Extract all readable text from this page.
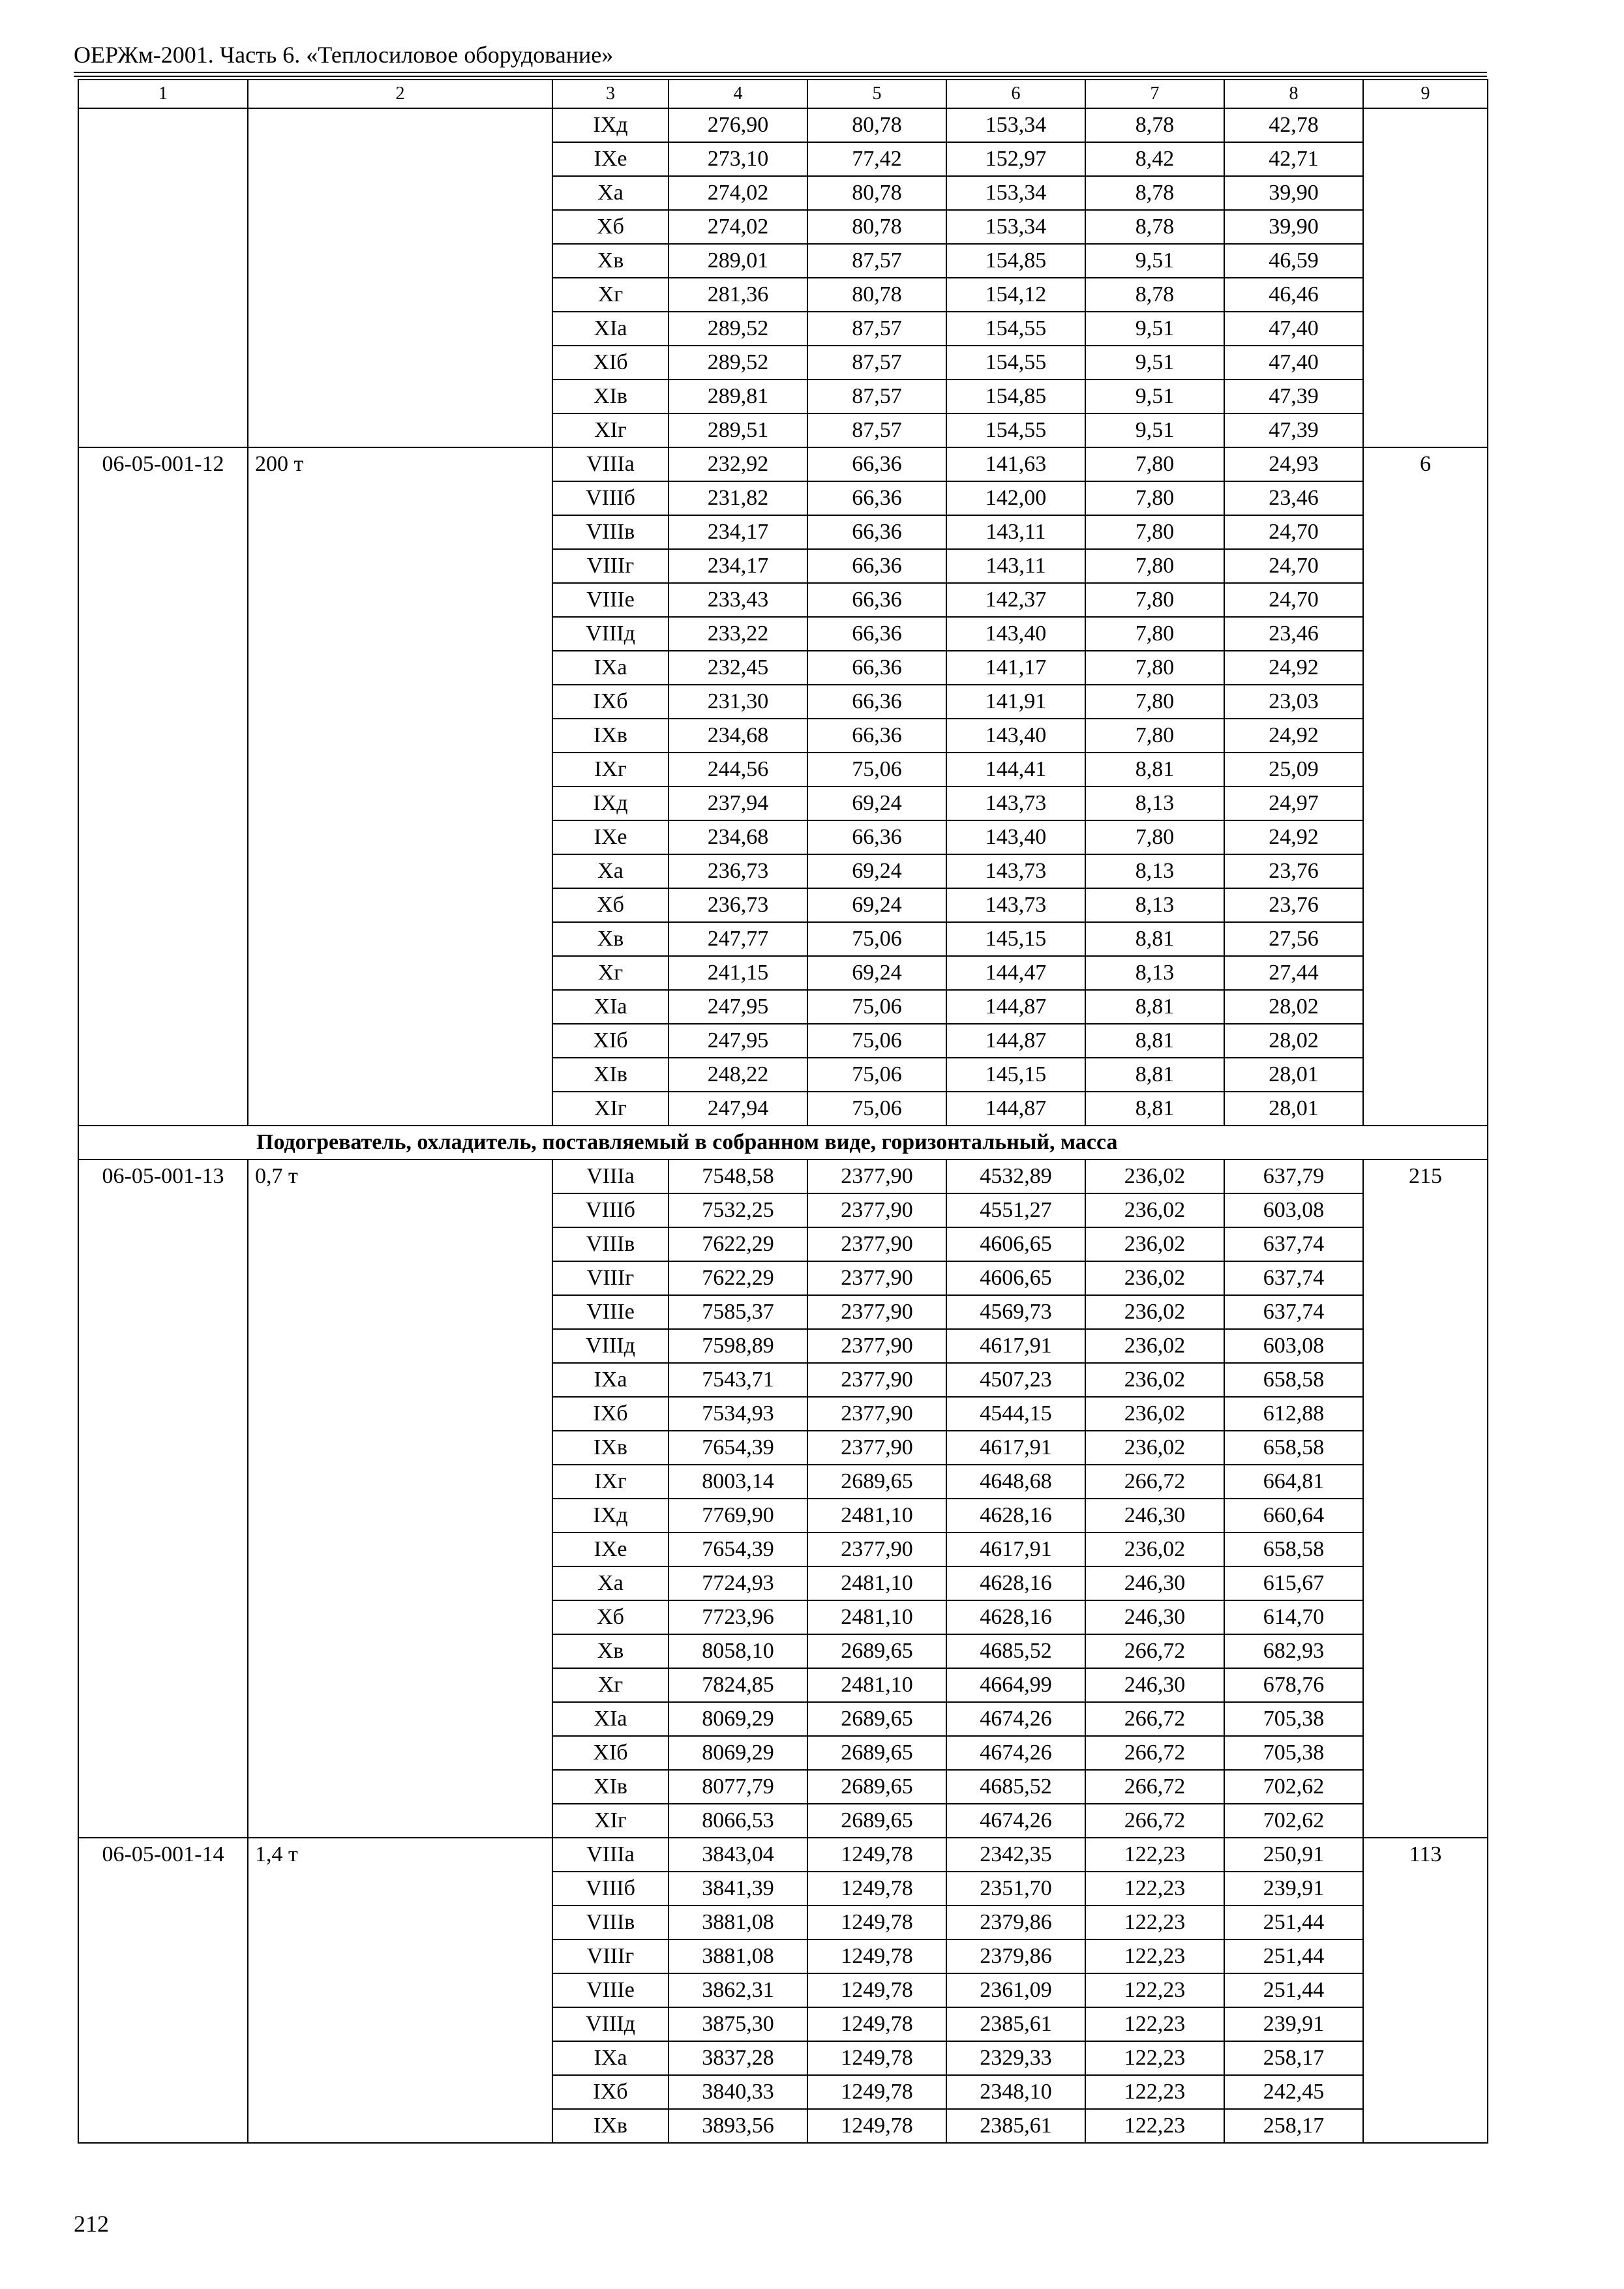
ОЕРЖм-2001. Часть 6. «Теплосиловое оборудование»
1	2	3	4	5	6	7	8	9
		IXд	276,90	80,78	153,34	8,78	42,78	
		IXе	273,10	77,42	152,97	8,42	42,71	
		Xа	274,02	80,78	153,34	8,78	39,90	
		Xб	274,02	80,78	153,34	8,78	39,90	
		Xв	289,01	87,57	154,85	9,51	46,59	
		Xг	281,36	80,78	154,12	8,78	46,46	
		XIа	289,52	87,57	154,55	9,51	47,40	
		XIб	289,52	87,57	154,55	9,51	47,40	
		XIв	289,81	87,57	154,85	9,51	47,39	
		XIг	289,51	87,57	154,55	9,51	47,39	
06-05-001-12	200 т	VIIIа	232,92	66,36	141,63	7,80	24,93	6
		VIIIб	231,82	66,36	142,00	7,80	23,46	
		VIIIв	234,17	66,36	143,11	7,80	24,70	
		VIIIг	234,17	66,36	143,11	7,80	24,70	
		VIIIе	233,43	66,36	142,37	7,80	24,70	
		VIIIд	233,22	66,36	143,40	7,80	23,46	
		IXа	232,45	66,36	141,17	7,80	24,92	
		IXб	231,30	66,36	141,91	7,80	23,03	
		IXв	234,68	66,36	143,40	7,80	24,92	
		IXг	244,56	75,06	144,41	8,81	25,09	
		IXд	237,94	69,24	143,73	8,13	24,97	
		IXе	234,68	66,36	143,40	7,80	24,92	
		Xа	236,73	69,24	143,73	8,13	23,76	
		Xб	236,73	69,24	143,73	8,13	23,76	
		Xв	247,77	75,06	145,15	8,81	27,56	
		Xг	241,15	69,24	144,47	8,13	27,44	
		XIа	247,95	75,06	144,87	8,81	28,02	
		XIб	247,95	75,06	144,87	8,81	28,02	
		XIв	248,22	75,06	145,15	8,81	28,01	
		XIг	247,94	75,06	144,87	8,81	28,01	
Подогреватель, охладитель, поставляемый в собранном виде, горизонтальный, масса								
06-05-001-13	0,7 т	VIIIа	7548,58	2377,90	4532,89	236,02	637,79	215
		VIIIб	7532,25	2377,90	4551,27	236,02	603,08	
		VIIIв	7622,29	2377,90	4606,65	236,02	637,74	
		VIIIг	7622,29	2377,90	4606,65	236,02	637,74	
		VIIIе	7585,37	2377,90	4569,73	236,02	637,74	
		VIIIд	7598,89	2377,90	4617,91	236,02	603,08	
		IXа	7543,71	2377,90	4507,23	236,02	658,58	
		IXб	7534,93	2377,90	4544,15	236,02	612,88	
		IXв	7654,39	2377,90	4617,91	236,02	658,58	
		IXг	8003,14	2689,65	4648,68	266,72	664,81	
		IXд	7769,90	2481,10	4628,16	246,30	660,64	
		IXе	7654,39	2377,90	4617,91	236,02	658,58	
		Xа	7724,93	2481,10	4628,16	246,30	615,67	
		Xб	7723,96	2481,10	4628,16	246,30	614,70	
		Xв	8058,10	2689,65	4685,52	266,72	682,93	
		Xг	7824,85	2481,10	4664,99	246,30	678,76	
		XIа	8069,29	2689,65	4674,26	266,72	705,38	
		XIб	8069,29	2689,65	4674,26	266,72	705,38	
		XIв	8077,79	2689,65	4685,52	266,72	702,62	
		XIг	8066,53	2689,65	4674,26	266,72	702,62	
06-05-001-14	1,4 т	VIIIа	3843,04	1249,78	2342,35	122,23	250,91	113
		VIIIб	3841,39	1249,78	2351,70	122,23	239,91	
		VIIIв	3881,08	1249,78	2379,86	122,23	251,44	
		VIIIг	3881,08	1249,78	2379,86	122,23	251,44	
		VIIIе	3862,31	1249,78	2361,09	122,23	251,44	
		VIIIд	3875,30	1249,78	2385,61	122,23	239,91	
		IXа	3837,28	1249,78	2329,33	122,23	258,17	
		IXб	3840,33	1249,78	2348,10	122,23	242,45	
		IXв	3893,56	1249,78	2385,61	122,23	258,17	
212
